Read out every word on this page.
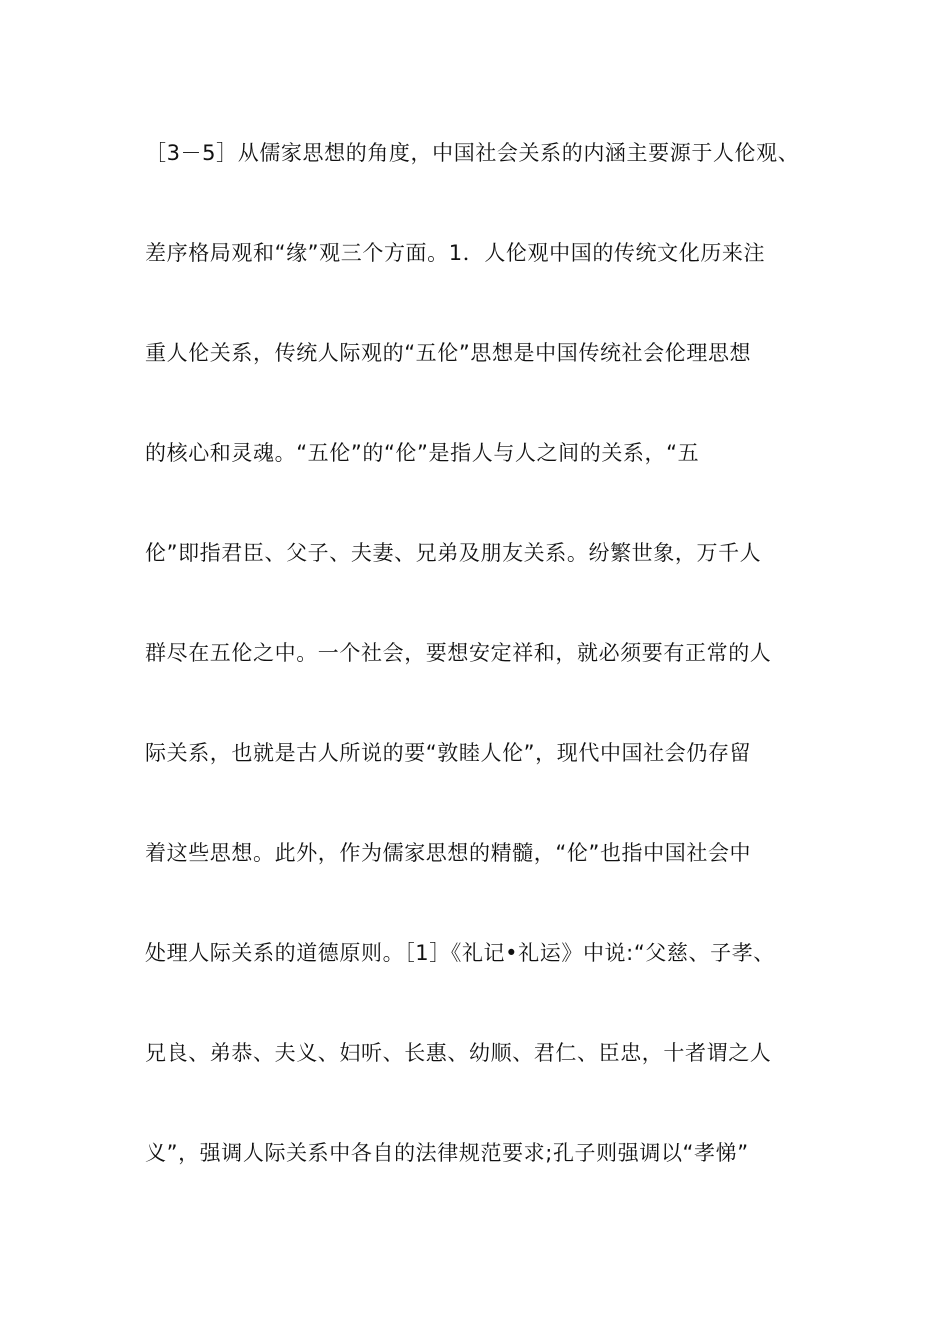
［3－5］从儒家思想的角度，中国社会关系的内涵主要源于人伦观、
差序格局观和“缘”观三个方面。1．人伦观中国的传统文化历来注
重人伦关系，传统人际观的“五伦”思想是中国传统社会伦理思想
的核心和灵魂。“五伦”的“伦”是指人与人之间的关系，“五
伦”即指君臣、父子、夫妻、兄弟及朋友关系。纷繁世象，万千人
群尽在五伦之中。一个社会，要想安定祥和，就必须要有正常的人
际关系，也就是古人所说的要“敦睦人伦”，现代中国社会仍存留
着这些思想。此外，作为儒家思想的精髓，“伦”也指中国社会中
处理人际关系的道德原则。［1］《礼记•礼运》中说:“父慈、子孝、
兄良、弟恭、夫义、妇听、长惠、幼顺、君仁、臣忠，十者谓之人
义”，强调人际关系中各自的法律规范要求;孔子则强调以“孝悌”
